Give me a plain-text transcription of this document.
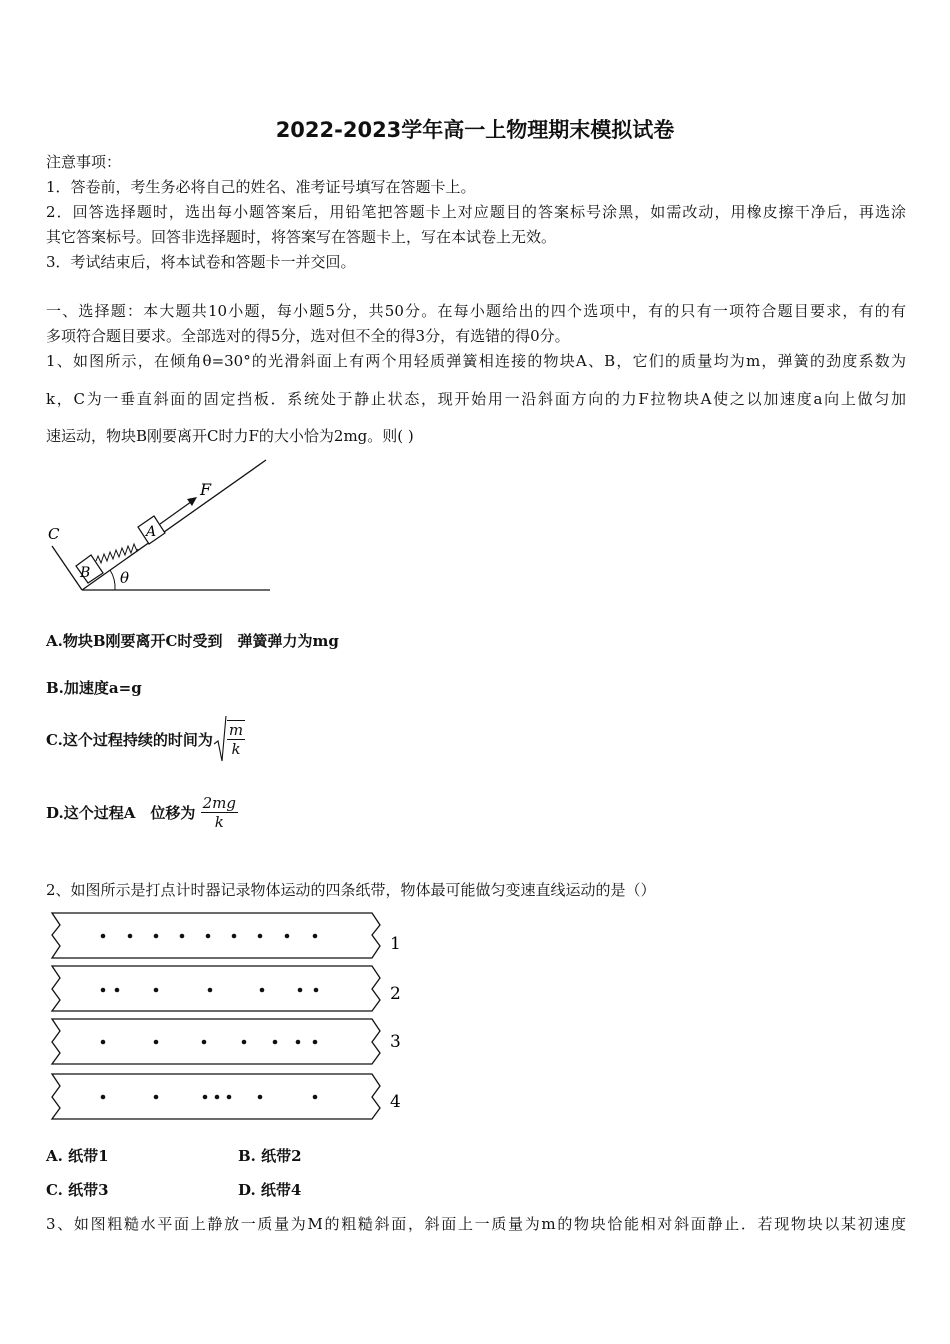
2022-2023学年高一上物理期末模拟试卷
注意事项：
1．答卷前，考生务必将自己的姓名、准考证号填写在答题卡上。
2．回答选择题时，选出每小题答案后，用铅笔把答题卡上对应题目的答案标号涂黑，如需改动，用橡皮擦干净后，再选涂
其它答案标号。回答非选择题时，将答案写在答题卡上，写在本试卷上无效。
3．考试结束后，将本试卷和答题卡一并交回。
一、选择题：本大题共10小题，每小题5分，共50分。在每小题给出的四个选项中，有的只有一项符合题目要求，有的有
多项符合题目要求。全部选对的得5分，选对但不全的得3分，有选错的得0分。
1、如图所示，在倾角θ=30°的光滑斜面上有两个用轻质弹簧相连接的物块A、B，它们的质量均为m，弹簧的劲度系数为
k，C为一垂直斜面的固定挡板．系统处于静止状态，现开始用一沿斜面方向的力F拉物块A使之以加速度a向上做匀加
速运动，物块B刚要离开C时力F的大小恰为2mg。则( )
C
B
A
F
θ
A.物块B刚要离开C时受到　弹簧弹力为mg
B.加速度a=g
C.这个过程持续的时间为 $\frac{m}{k}$
D.这个过程A　位移为 $\frac{2mg}{k}$
2、如图所示是打点计时器记录物体运动的四条纸带，物体最可能做匀变速直线运动的是（）
1
2
3
4
A. 纸带1	B. 纸带2
C. 纸带3	D. 纸带4
3、如图粗糙水平面上静放一质量为M的粗糙斜面，斜面上一质量为m的物块恰能相对斜面静止．若现物块以某初速度
